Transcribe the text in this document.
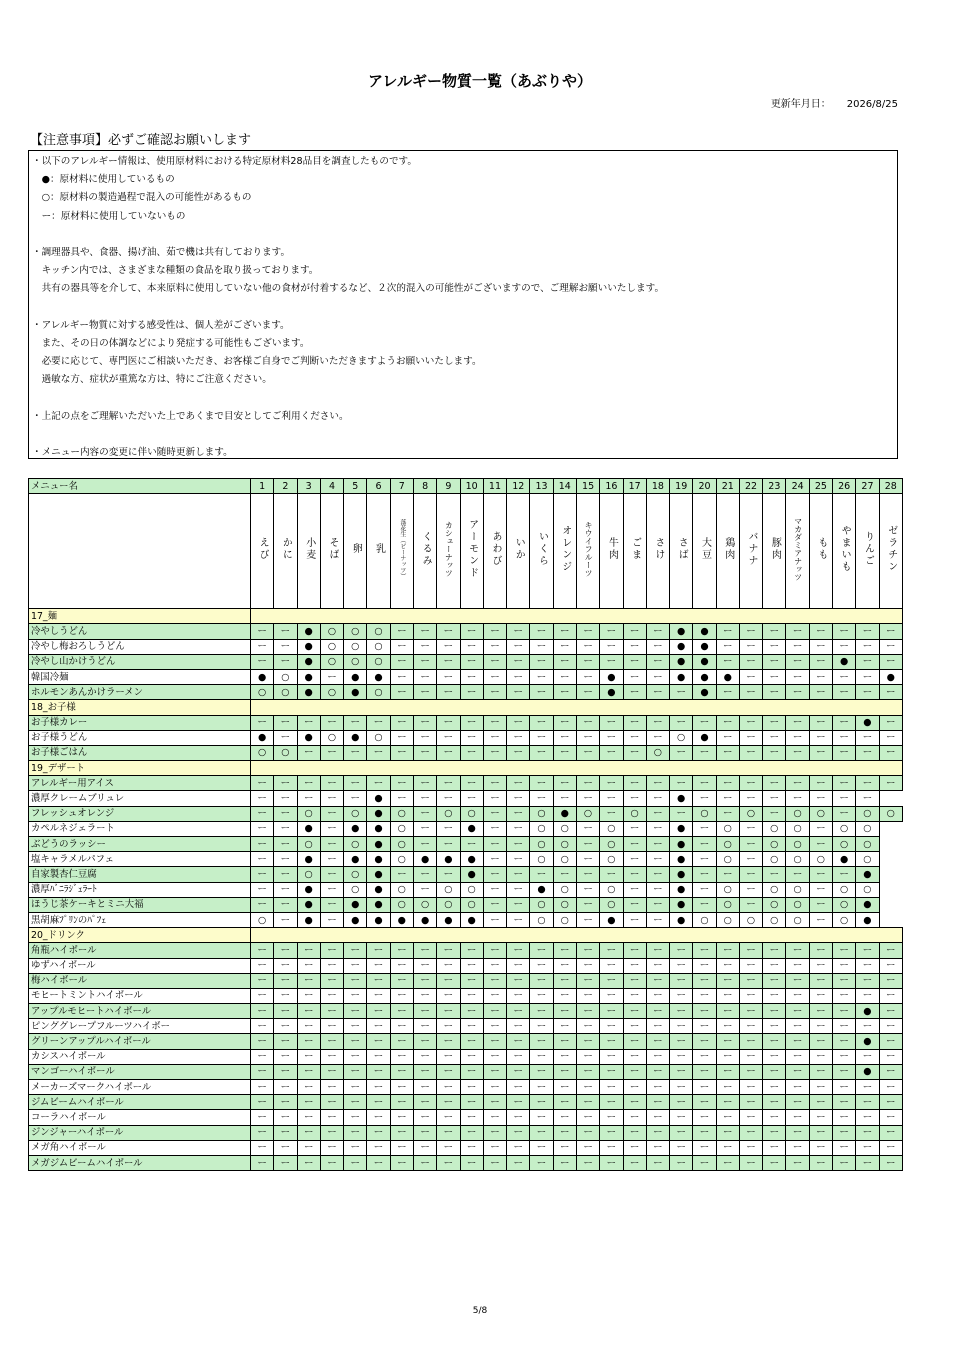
アレルギー物質一覧（あぶりや）
更新年月日： 2026/8/25
【注意事項】必ずご確認お願いします
・以下のアレルギー情報は、使用原材料における特定原材料28品目を調査したものです。
　●：原材料に使用しているもの
　○：原材料の製造過程で混入の可能性があるもの
　ー：原材料に使用していないもの

・調理器具や、食器、揚げ油、茹で機は共有しております。
　キッチン内では、さまざまな種類の食品を取り扱っております。
　共有の器具等を介して、本来原料に使用していない他の食材が付着するなど、２次的混入の可能性がございますので、ご理解お願いいたします。

・アレルギー物質に対する感受性は、個人差がございます。
　また、その日の体調などにより発症する可能性もございます。
　必要に応じて、専門医にご相談いただき、お客様ご自身でご判断いただきますようお願いいたします。
　過敏な方、症状が重篤な方は、特にご注意ください。

・上記の点をご理解いただいた上であくまで目安としてご利用ください。

・メニュー内容の変更に伴い随時更新します。
メニュー名	1	2	3	4	5	6	7	8	9	10	11	12	13	14	15	16	17	18	19	20	21	22	23	24	25	26	27	28
	えび	かに	小麦	そば	卵	乳	落花生（ピーナッツ）	くるみ	カシューナッツ	アーモンド	あわび	いか	いくら	オレンジ	キウイフルーツ	牛肉	ごま	さけ	さば	大豆	鶏肉	バナナ	豚肉	マカダミアナッツ	もも	やまいも	りんご	ゼラチン
17_麺																												
冷やしうどん	ー	ー	●	○	○	○	ー	ー	ー	ー	ー	ー	ー	ー	ー	ー	ー	ー	●	●	ー	ー	ー	ー	ー	ー	ー	ー
冷やし梅おろしうどん	ー	ー	●	○	○	○	ー	ー	ー	ー	ー	ー	ー	ー	ー	ー	ー	ー	●	●	ー	ー	ー	ー	ー	ー	ー	ー
冷やし山かけうどん	ー	ー	●	○	○	○	ー	ー	ー	ー	ー	ー	ー	ー	ー	ー	ー	ー	●	●	ー	ー	ー	ー	ー	●	ー	ー
韓国冷麺	●	○	●	ー	●	●	ー	ー	ー	ー	ー	ー	ー	ー	ー	●	ー	ー	●	●	●	ー	ー	ー	ー	ー	ー	●
ホルモンあんかけラーメン	○	○	●	○	●	○	ー	ー	ー	ー	ー	ー	ー	ー	ー	●	ー	ー	ー	●	ー	ー	ー	ー	ー	ー	ー	ー
18_お子様																												
お子様カレー	ー	ー	ー	ー	ー	ー	ー	ー	ー	ー	ー	ー	ー	ー	ー	ー	ー	ー	ー	ー	ー	ー	ー	ー	ー	ー	●	ー
お子様うどん	●	ー	●	○	●	○	ー	ー	ー	ー	ー	ー	ー	ー	ー	ー	ー	ー	○	●	ー	ー	ー	ー	ー	ー	ー	ー
お子様ごはん	○	○	ー	ー	ー	ー	ー	ー	ー	ー	ー	ー	ー	ー	ー	ー	ー	○	ー	ー	ー	ー	ー	ー	ー	ー	ー	ー
19_デザート																												
アレルギー用アイス	ー	ー	ー	ー	ー	ー	ー	ー	ー	ー	ー	ー	ー	ー	ー	ー	ー	ー	ー	ー	ー	ー	ー	ー	ー	ー	ー	ー
濃厚クレームブリュレ	ー	ー	ー	ー	ー	●	ー	ー	ー	ー	ー	ー	ー	ー	ー	ー	ー	ー	●	ー	ー	ー	ー	ー	ー	ー	ー	
フレッシュオレンジ	ー	ー	○	ー	○	●	○	ー	○	○	ー	ー	○	●	○	ー	○	ー	ー	○	ー	○	ー	○	○	ー	○	○
カペルネジェラート	ー	ー	●	ー	●	●	○	ー	ー	●	ー	ー	○	○	ー	○	ー	ー	●	ー	○	ー	○	○	ー	○	○	
ぶどうのラッシー	ー	ー	○	ー	○	●	○	ー	ー	ー	ー	ー	○	○	ー	○	ー	ー	●	ー	○	ー	○	○	ー	○	○	
塩キャラメルパフェ	ー	ー	●	ー	●	●	○	●	●	●	ー	ー	○	○	ー	○	ー	ー	●	ー	○	ー	○	○	○	●	○	
自家製杏仁豆腐	ー	ー	○	ー	○	●	ー	ー	ー	●	ー	ー	ー	ー	ー	ー	ー	ー	●	ー	ー	ー	ー	ー	ー	ー	●	
濃厚ﾊﾞﾆﾗｼﾞｪﾗｰﾄ	ー	ー	●	ー	○	●	○	ー	○	○	ー	ー	●	○	ー	○	ー	ー	●	ー	○	ー	○	○	ー	○	○	
ほうじ茶ケーキとミニ大福	ー	ー	●	ー	●	●	○	○	○	○	ー	ー	○	○	ー	○	ー	ー	●	ー	○	ー	○	○	ー	○	●	
黒胡麻ﾌﾟﾘﾝのﾊﾟﾌｪ	○	ー	●	ー	●	●	●	●	●	●	ー	ー	○	○	ー	●	ー	ー	●	○	○	○	○	○	ー	○	●	
20_ドリンク																												
角瓶ハイボール	ー	ー	ー	ー	ー	ー	ー	ー	ー	ー	ー	ー	ー	ー	ー	ー	ー	ー	ー	ー	ー	ー	ー	ー	ー	ー	ー	ー
ゆずハイボール	ー	ー	ー	ー	ー	ー	ー	ー	ー	ー	ー	ー	ー	ー	ー	ー	ー	ー	ー	ー	ー	ー	ー	ー	ー	ー	ー	ー
梅ハイボール	ー	ー	ー	ー	ー	ー	ー	ー	ー	ー	ー	ー	ー	ー	ー	ー	ー	ー	ー	ー	ー	ー	ー	ー	ー	ー	ー	ー
モヒートミントハイボール	ー	ー	ー	ー	ー	ー	ー	ー	ー	ー	ー	ー	ー	ー	ー	ー	ー	ー	ー	ー	ー	ー	ー	ー	ー	ー	ー	ー
アップルモヒートハイボール	ー	ー	ー	ー	ー	ー	ー	ー	ー	ー	ー	ー	ー	ー	ー	ー	ー	ー	ー	ー	ー	ー	ー	ー	ー	ー	●	ー
ピンググレープフルーツハイボー	ー	ー	ー	ー	ー	ー	ー	ー	ー	ー	ー	ー	ー	ー	ー	ー	ー	ー	ー	ー	ー	ー	ー	ー	ー	ー	ー	ー
グリーンアップルハイボール	ー	ー	ー	ー	ー	ー	ー	ー	ー	ー	ー	ー	ー	ー	ー	ー	ー	ー	ー	ー	ー	ー	ー	ー	ー	ー	●	ー
カシスハイボール	ー	ー	ー	ー	ー	ー	ー	ー	ー	ー	ー	ー	ー	ー	ー	ー	ー	ー	ー	ー	ー	ー	ー	ー	ー	ー	ー	ー
マンゴーハイボール	ー	ー	ー	ー	ー	ー	ー	ー	ー	ー	ー	ー	ー	ー	ー	ー	ー	ー	ー	ー	ー	ー	ー	ー	ー	ー	●	ー
メーカーズマークハイボール	ー	ー	ー	ー	ー	ー	ー	ー	ー	ー	ー	ー	ー	ー	ー	ー	ー	ー	ー	ー	ー	ー	ー	ー	ー	ー	ー	ー
ジムビームハイボール	ー	ー	ー	ー	ー	ー	ー	ー	ー	ー	ー	ー	ー	ー	ー	ー	ー	ー	ー	ー	ー	ー	ー	ー	ー	ー	ー	ー
コーラハイボール	ー	ー	ー	ー	ー	ー	ー	ー	ー	ー	ー	ー	ー	ー	ー	ー	ー	ー	ー	ー	ー	ー	ー	ー	ー	ー	ー	ー
ジンジャーハイボール	ー	ー	ー	ー	ー	ー	ー	ー	ー	ー	ー	ー	ー	ー	ー	ー	ー	ー	ー	ー	ー	ー	ー	ー	ー	ー	ー	ー
メガ角ハイボール	ー	ー	ー	ー	ー	ー	ー	ー	ー	ー	ー	ー	ー	ー	ー	ー	ー	ー	ー	ー	ー	ー	ー	ー	ー	ー	ー	ー
メガジムビームハイボール	ー	ー	ー	ー	ー	ー	ー	ー	ー	ー	ー	ー	ー	ー	ー	ー	ー	ー	ー	ー	ー	ー	ー	ー	ー	ー	ー	ー
5/8
